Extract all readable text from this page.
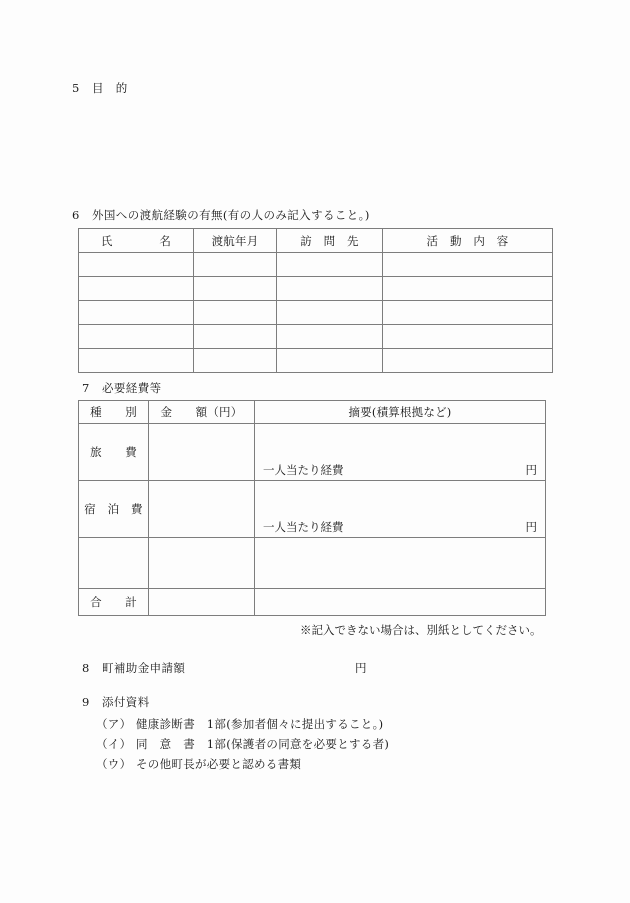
5 目　的
6 外国への渡航経験の有無(有の人のみ記入すること。)
氏　　　　名	渡航年月	訪　問　先	活　動　内　容

7 必要経費等
種　　別	金　　額（円）	摘要(積算根拠など)
旅　　費		一人当たり経費 円

宿　泊　費		一人当たり経費 円

合　　計		
※記入できない場合は、別紙としてください。
8 町補助金申請額	円
9 添付資料
（ア） 健康診断書　1部(参加者個々に提出すること。)
（イ） 同　意　書　1部(保護者の同意を必要とする者)
（ウ） その他町長が必要と認める書類
